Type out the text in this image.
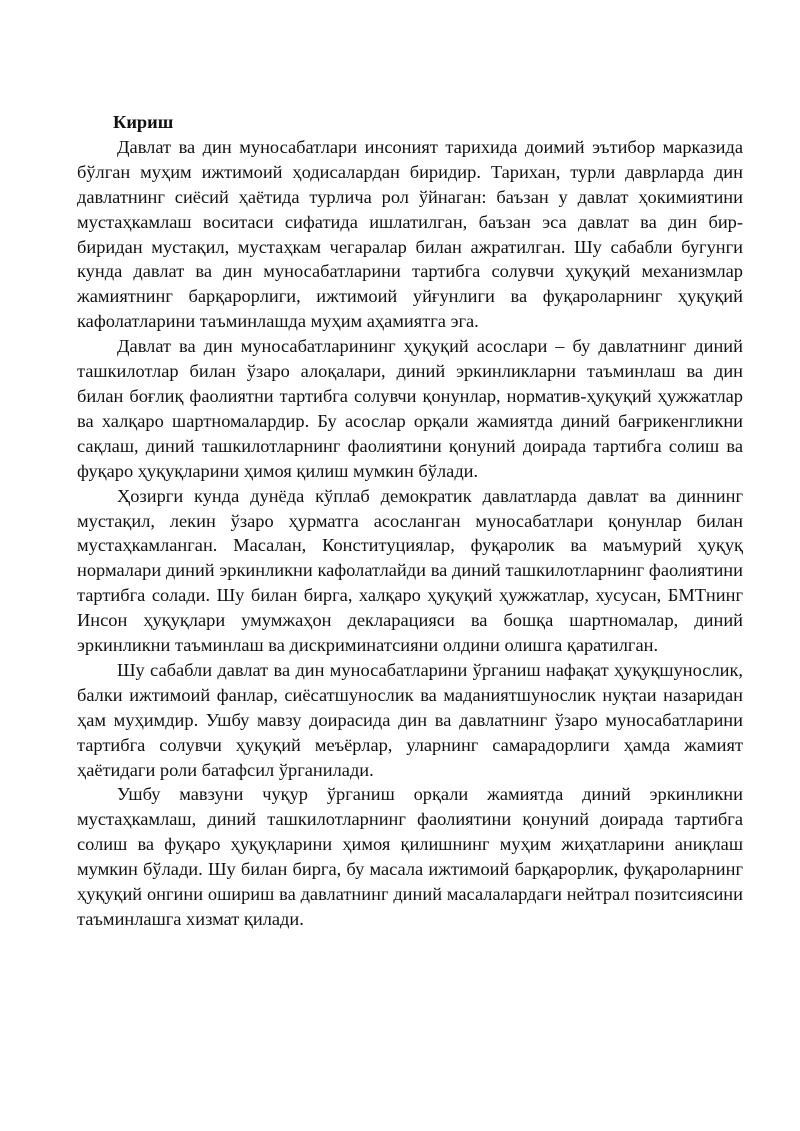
Кириш

Давлат ва дин муносабатлари инсоният тарихида доимий эътибор марказида бўлган муҳим ижтимоий ҳодисалардан биридир. Тарихан, турли даврларда дин давлатнинг сиёсий ҳаётида турлича рол ўйнаган: баъзан у давлат ҳокимиятини мустаҳкамлаш воситаси сифатида ишлатилган, баъзан эса давлат ва дин бир-биридан мустақил, мустаҳкам чегаралар билан ажратилган. Шу сабабли бугунги кунда давлат ва дин муносабатларини тартибга солувчи ҳуқуқий механизмлар жамиятнинг барқарорлиги, ижтимоий уйғунлиги ва фуқароларнинг ҳуқуқий кафолатларини таъминлашда муҳим аҳамиятга эга.

Давлат ва дин муносабатларининг ҳуқуқий асослари – бу давлатнинг диний ташкилотлар билан ўзаро алоқалари, диний эркинликларни таъминлаш ва дин билан боғлиқ фаолиятни тартибга солувчи қонунлар, норматив-ҳуқуқий ҳужжатлар ва халқаро шартномалардир. Бу асослар орқали жамиятда диний бағрикенгликни сақлаш, диний ташкилотларнинг фаолиятини қонуний доирада тартибга солиш ва фуқаро ҳуқуқларини ҳимоя қилиш мумкин бўлади.

Ҳозирги кунда дунёда кўплаб демократик давлатларда давлат ва диннинг мустақил, лекин ўзаро ҳурматга асосланган муносабатлари қонунлар билан мустаҳкамланган. Масалан, Конституциялар, фуқаролик ва маъмурий ҳуқуқ нормалари диний эркинликни кафолатлайди ва диний ташкилотларнинг фаолиятини тартибга солади. Шу билан бирга, халқаро ҳуқуқий ҳужжатлар, хусусан, БМТнинг Инсон ҳуқуқлари умумжаҳон декларацияси ва бошқа шартномалар, диний эркинликни таъминлаш ва дискриминатсияни олдини олишга қаратилган.

Шу сабабли давлат ва дин муносабатларини ўрганиш нафақат ҳуқуқшунослик, балки ижтимоий фанлар, сиёсатшунослик ва маданиятшунослик нуқтаи назаридан ҳам муҳимдир. Ушбу мавзу доирасида дин ва давлатнинг ўзаро муносабатларини тартибга солувчи ҳуқуқий меъёрлар, уларнинг самарадорлиги ҳамда жамият ҳаётидаги роли батафсил ўрганилади.

Ушбу мавзуни чуқур ўрганиш орқали жамиятда диний эркинликни мустаҳкамлаш, диний ташкилотларнинг фаолиятини қонуний доирада тартибга солиш ва фуқаро ҳуқуқларини ҳимоя қилишнинг муҳим жиҳатларини аниқлаш мумкин бўлади. Шу билан бирга, бу масала ижтимоий барқарорлик, фуқароларнинг ҳуқуқий онгини ошириш ва давлатнинг диний масалалардаги нейтрал позитсиясини таъминлашга хизмат қилади.
